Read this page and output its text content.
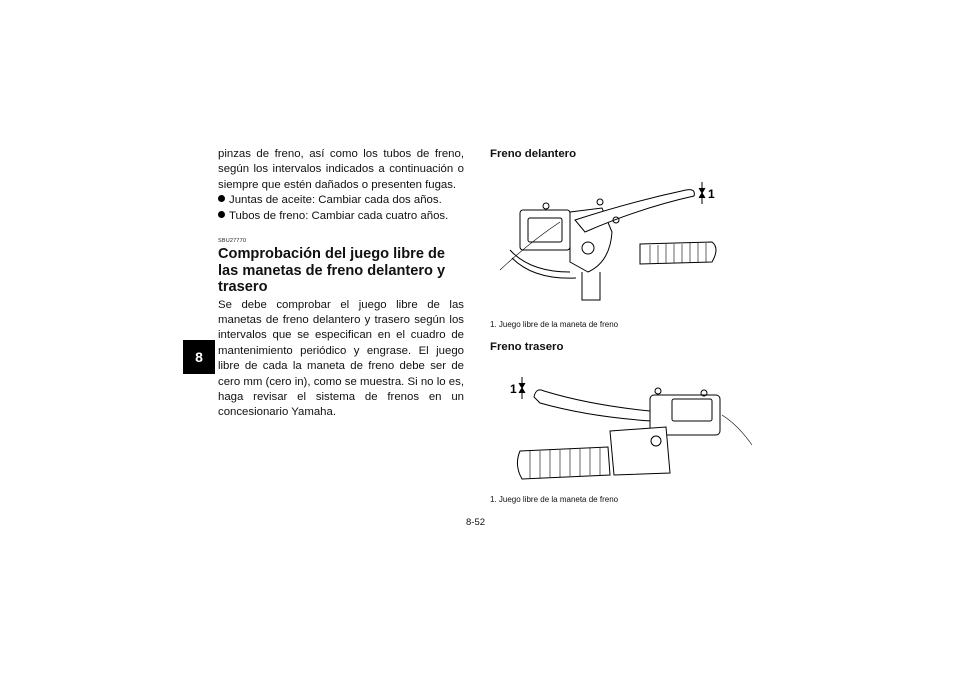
8

pinzas de freno, así como los tubos de freno, según los intervalos indicados a continuación o siempre que estén dañados o presenten fugas.

Juntas de aceite: Cambiar cada dos años.
Tubos de freno: Cambiar cada cuatro años.
SBU27770
Comprobación del juego libre de las manetas de freno delantero y trasero

Se debe comprobar el juego libre de las manetas de freno delantero y trasero según los intervalos que se especifican en el cuadro de mantenimiento periódico y engrase. El juego libre de cada la maneta de freno debe ser de cero mm (cero in), como se muestra. Si no lo es, haga revisar el sistema de frenos en un concesionario Yamaha.

Freno delantero
1
1. Juego libre de la maneta de freno
Freno trasero
1
1. Juego libre de la maneta de freno
8-52
